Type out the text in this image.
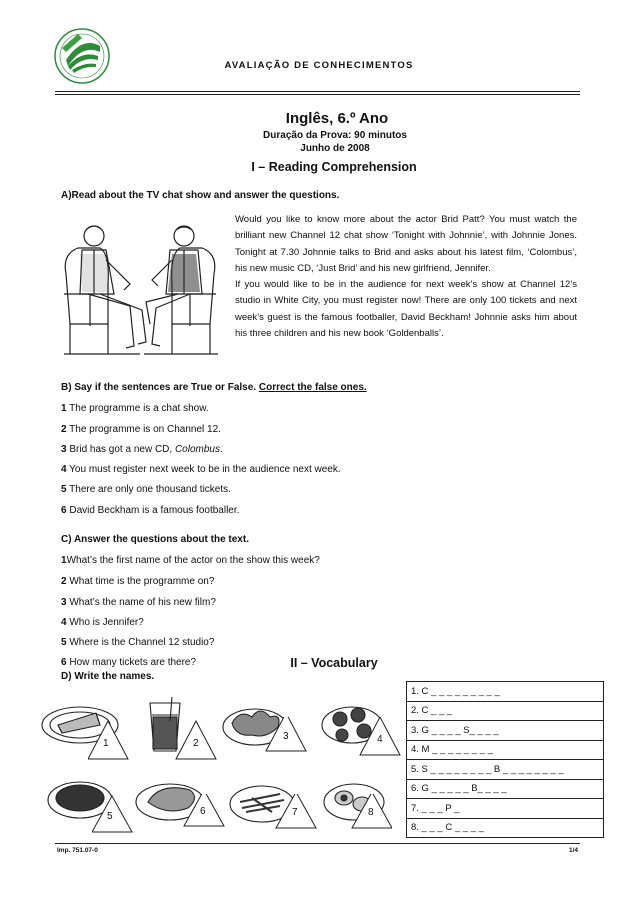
AVALIAÇÃO DE CONHECIMENTOS
Inglês, 6.º Ano
Duração da Prova: 90 minutos
Junho de 2008
I – Reading Comprehension
A)Read about the TV chat show and answer the questions.

Would you like to know more about the actor Brid Patt? You must watch the brilliant new Channel 12 chat show ‘Tonight with Johnnie’, with Johnnie Jones. Tonight at 7.30 Johnnie talks to Brid and asks about his latest film, ‘Colombus’, his new music CD, ‘Just Brid’ and his new girlfriend, Jennifer.

If you would like to be in the audience for next week’s show at Channel 12’s studio in White City, you must register now! There are only 100 tickets and next week’s guest is the famous footballer, David Beckham! Johnnie asks him about his three children and his new book ‘Goldenballs’.

B) Say if the sentences are True or False. Correct the false ones.
1 The programme is a chat show.
2 The programme is on Channel 12.
3 Brid has got a new CD, Colombus.
4 You must register next week to be in the audience next week.
5 There are only one thousand tickets.
6 David Beckham is a famous footballer.
C) Answer the questions about the text.
1What’s the first name of the actor on the show this week?
2 What time is the programme on?
3 What’s the name of his new film?
4 Who is Jennifer?
5 Where is the Channel 12 studio?
6 How many tickets are there?	II – Vocabulary
D) Write the names.
1	2
3	4
5	6	7	8
1. C _ _ _ _ _ _ _ _ _
2. C _ _ _
3. G _ _ _ _ S_ _ _ _
4. M _ _ _ _ _ _ _ _
5. S _ _ _ _ _ _ _ _ B _ _ _ _ _ _ _ _
6. G _ _ _ _ _ B_ _ _ _
7. _ _ _ P _
8. _ _ _ C _ _ _ _
Imp. 751.07-0	1/4
